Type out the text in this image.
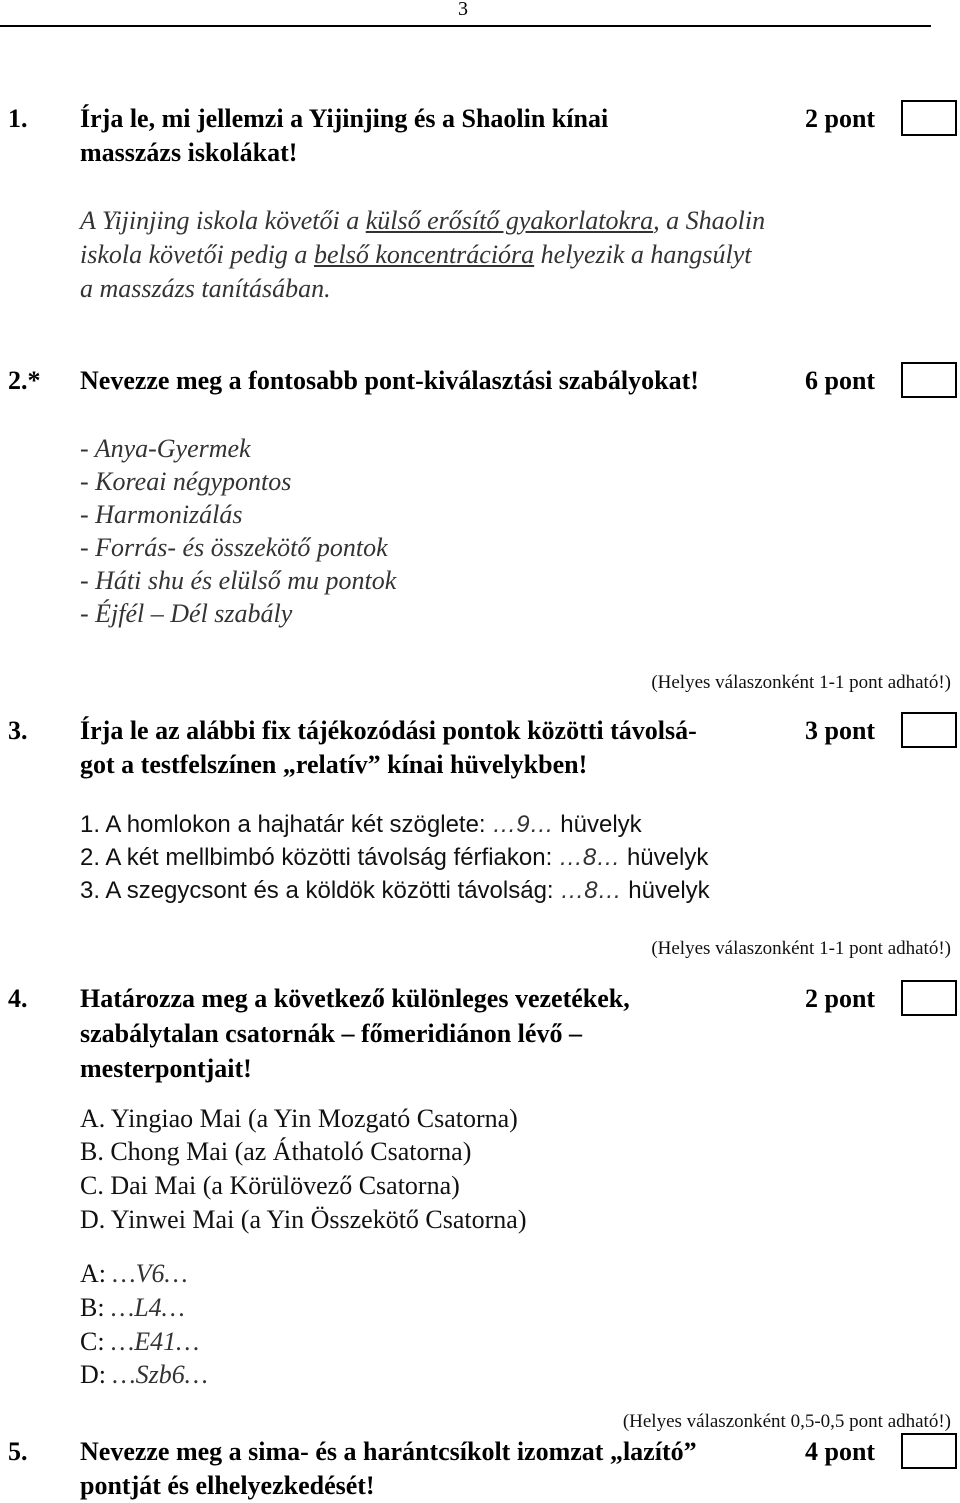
3
1. Írja le, mi jellemzi a Yijinjing és a Shaolin kínai
masszázs iskolákat!
2 pont
A Yijinjing iskola követői a külső erősítő gyakorlatokra, a Shaolin
iskola követői pedig a belső koncentrációra helyezik a hangsúlyt
a masszázs tanításában.
2.* Nevezze meg a fontosabb pont-kiválasztási szabályokat!	6 pont
- Anya-Gyermek
- Koreai négypontos
- Harmonizálás
- Forrás- és összekötő pontok
- Háti shu és elülső mu pontok
- Éjfél – Dél szabály
(Helyes válaszonként 1-1 pont adható!)
3. Írja le az alábbi fix tájékozódási pontok közötti távolsá-
got a testfelszínen „relatív” kínai hüvelykben!
3 pont
1. A homlokon a hajhatár két szöglete: …9… hüvelyk
2. A két mellbimbó közötti távolság férfiakon: …8… hüvelyk
3. A szegycsont és a köldök közötti távolság: …8… hüvelyk
(Helyes válaszonként 1-1 pont adható!)
4. Határozza meg a következő különleges vezetékek,
szabálytalan csatornák – főmeridiánon lévő –
mesterpontjait!
2 pont
A. Yingiao Mai (a Yin Mozgató Csatorna)
B. Chong Mai (az Áthatoló Csatorna)
C. Dai Mai (a Körülövező Csatorna)
D. Yinwei Mai (a Yin Összekötő Csatorna)
A: …V6…
B: …L4…
C: …E41…
D: …Szb6…
(Helyes válaszonként 0,5-0,5 pont adható!)
5. Nevezze meg a sima- és a harántcsíkolt izomzat „lazító”
pontját és elhelyezkedését!
4 pont
